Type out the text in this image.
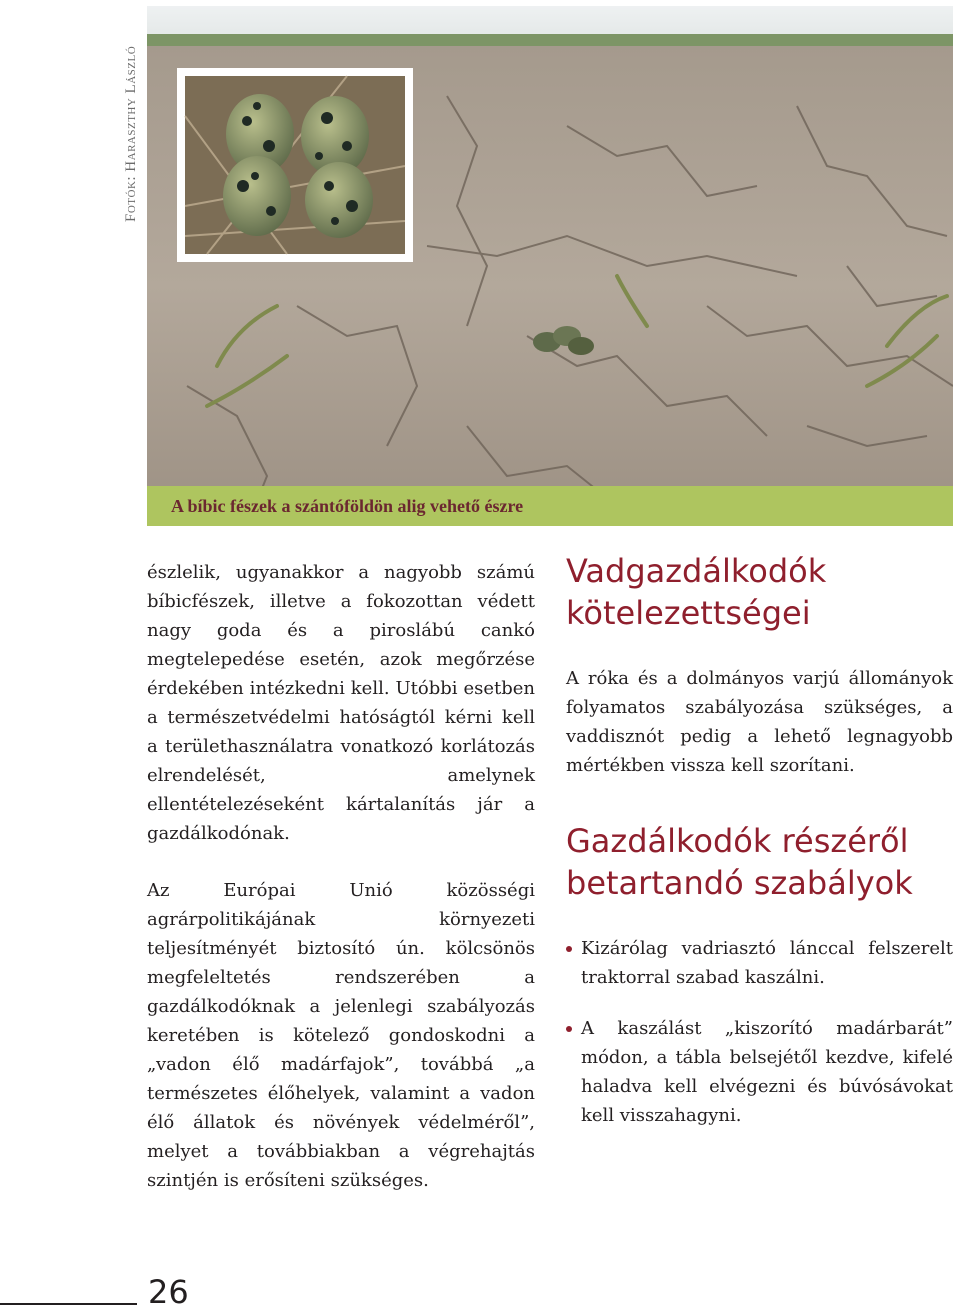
Fotók: Haraszthy László
A bíbic fészek a szántóföldön alig vehető észre

észlelik, ugyanakkor a nagyobb számú bíbicfészek, illetve a fokozottan védett nagy goda és a piroslábú cankó megtelepedése esetén, azok megőrzése érdekében intézkedni kell. Utóbbi esetben a természetvédelmi hatóságtól kérni kell a területhasználatra vonatkozó korlátozás elrendelését, amelynek ellentételezéseként kártalanítás jár a gazdálkodónak.

Az Európai Unió közösségi agrárpolitikájának környezeti teljesítményét biztosító ún. kölcsönös megfeleltetés rendszerében a gazdálkodóknak a jelenlegi szabályozás keretében is kötelező gondoskodni a „vadon élő madárfajok”, továbbá „a természetes élőhelyek, valamint a vadon élő állatok és növények védelméről”, melyet a továbbiakban a végrehajtás szintjén is erősíteni szükséges.

Vadgazdálkodók kötelezettségei
A róka és a dolmányos varjú állományok folyamatos szabályozása szükséges, a vaddisznót pedig a lehető legnagyobb mértékben vissza kell szorítani.
Gazdálkodók részéről betartandó szabályok
Kizárólag vadriasztó lánccal felszerelt traktorral szabad kaszálni.
A kaszálást „kiszorító madárbarát” módon, a tábla belsejétől kezdve, kifelé haladva kell elvégezni és búvósávokat kell visszahagyni.
26
